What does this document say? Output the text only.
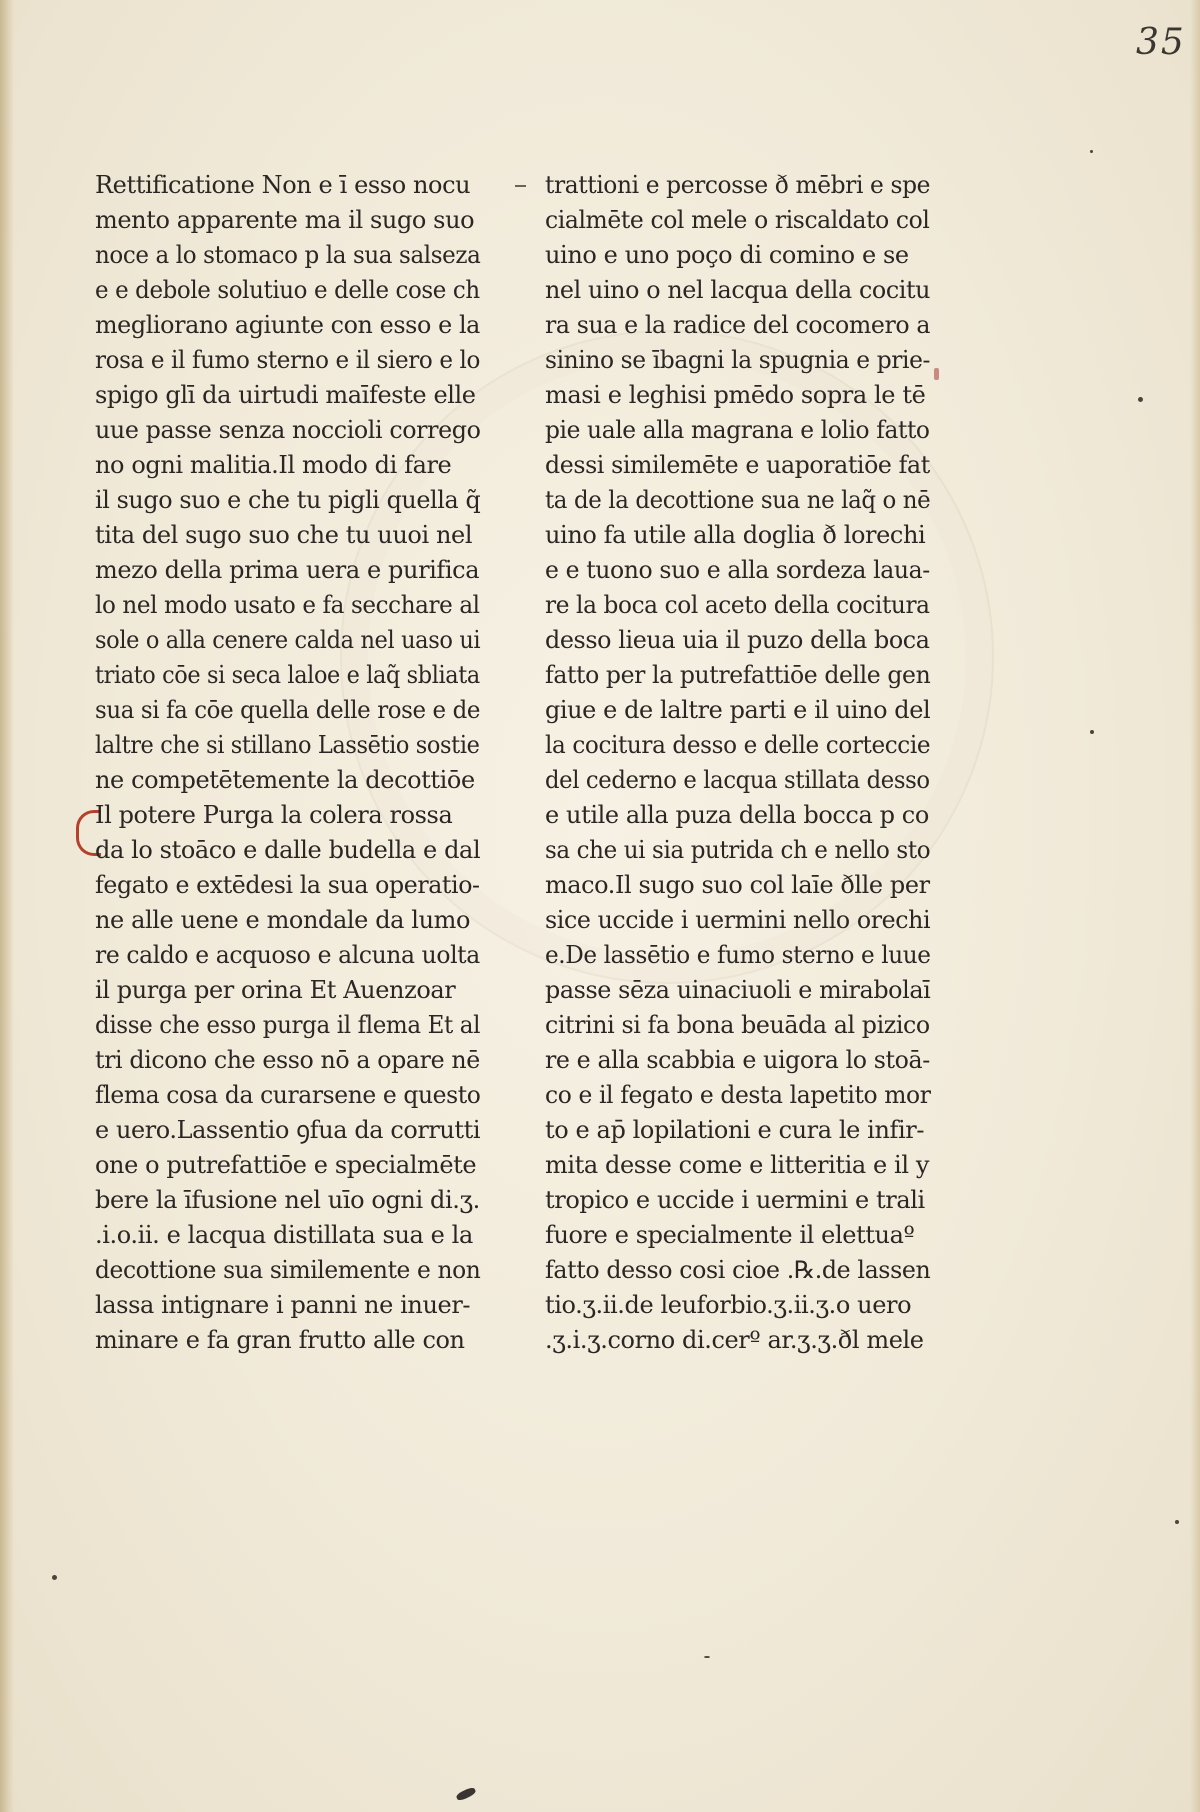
35
Rettificatione Non e ī esso nocu
mento apparente ma il sugo suo
noce a lo stomaco p la sua salseza
e e debole solutiuo e delle cose ch
megliorano agiunte con esso e la
rosa e il fumo sterno e il siero e lo
spigo glī da uirtudi maīfeste elle
uue passe senza noccioli corrego
no ogni malitia.Il modo di fare
il sugo suo e che tu pigli quella q̃
tita del sugo suo che tu uuoi nel
mezo della prima uera e purifica
lo nel modo usato e fa secchare al
sole o alla cenere calda nel uaso ui
triato cōe si seca laloe e laq̃ sbliata
sua si fa cōe quella delle rose e de
laltre che si stillano Lassētio sostie
ne competētemente la decottiōe
Il potere Purga la colera rossa
da lo stoāco e dalle budella e dal
fegato e extēdesi la sua operatio-
ne alle uene e mondale da lumo
re caldo e acquoso e alcuna uolta
il purga per orina Et Auenzoar
disse che esso purga il flema Et al
tri dicono che esso nō a opare nē
flema cosa da curarsene e questo
e uero.Lassentio ꝯfua da corrutti
one o putrefattiōe e specialmēte
bere la īfusione nel uīo ogni di.ʒ.
.i.o.ii. e lacqua distillata sua e la
decottione sua similemente e non
lassa intignare i panni ne inuer-
minare e fa gran frutto alle con
trattioni e percosse ð mēbri e spe
cialmēte col mele o riscaldato col
uino e uno poço di comino e se
nel uino o nel lacqua della cocitu
ra sua e la radice del cocomero a
sinino se ībagni la spugnia e prie-
masi e leghisi pmēdo sopra le tē
pie uale alla magrana e lolio fatto
dessi similemēte e uaporatiōe fat
ta de la decottione sua ne laq̃ o nē
uino fa utile alla doglia ð lorechi
e e tuono suo e alla sordeza laua-
re la boca col aceto della cocitura
desso lieua uia il puzo della boca
fatto per la putrefattiōe delle gen
giue e de laltre parti e il uino del
la cocitura desso e delle corteccie
del cederno e lacqua stillata desso
e utile alla puza della bocca p co
sa che ui sia putrida ch e nello sto
maco.Il sugo suo col laīe ðlle per
sice uccide i uermini nello orechi
e.De lassētio e fumo sterno e luue
passe sēza uinaciuoli e mirabolaī
citrini si fa bona beuāda al pizico
re e alla scabbia e uigora lo stoā-
co e il fegato e desta lapetito mor
to e ap̄ lopilationi e cura le infir-
mita desse come e litteritia e il y
tropico e uccide i uermini e trali
fuore e specialmente il elettuaº
fatto desso cosi cioe .℞.de lassen
tio.ʒ.ii.de leuforbio.ʒ.ii.ʒ.o uero
.ʒ.i.ʒ.corno di.cerº ar.ʒ.ʒ.ðl mele
